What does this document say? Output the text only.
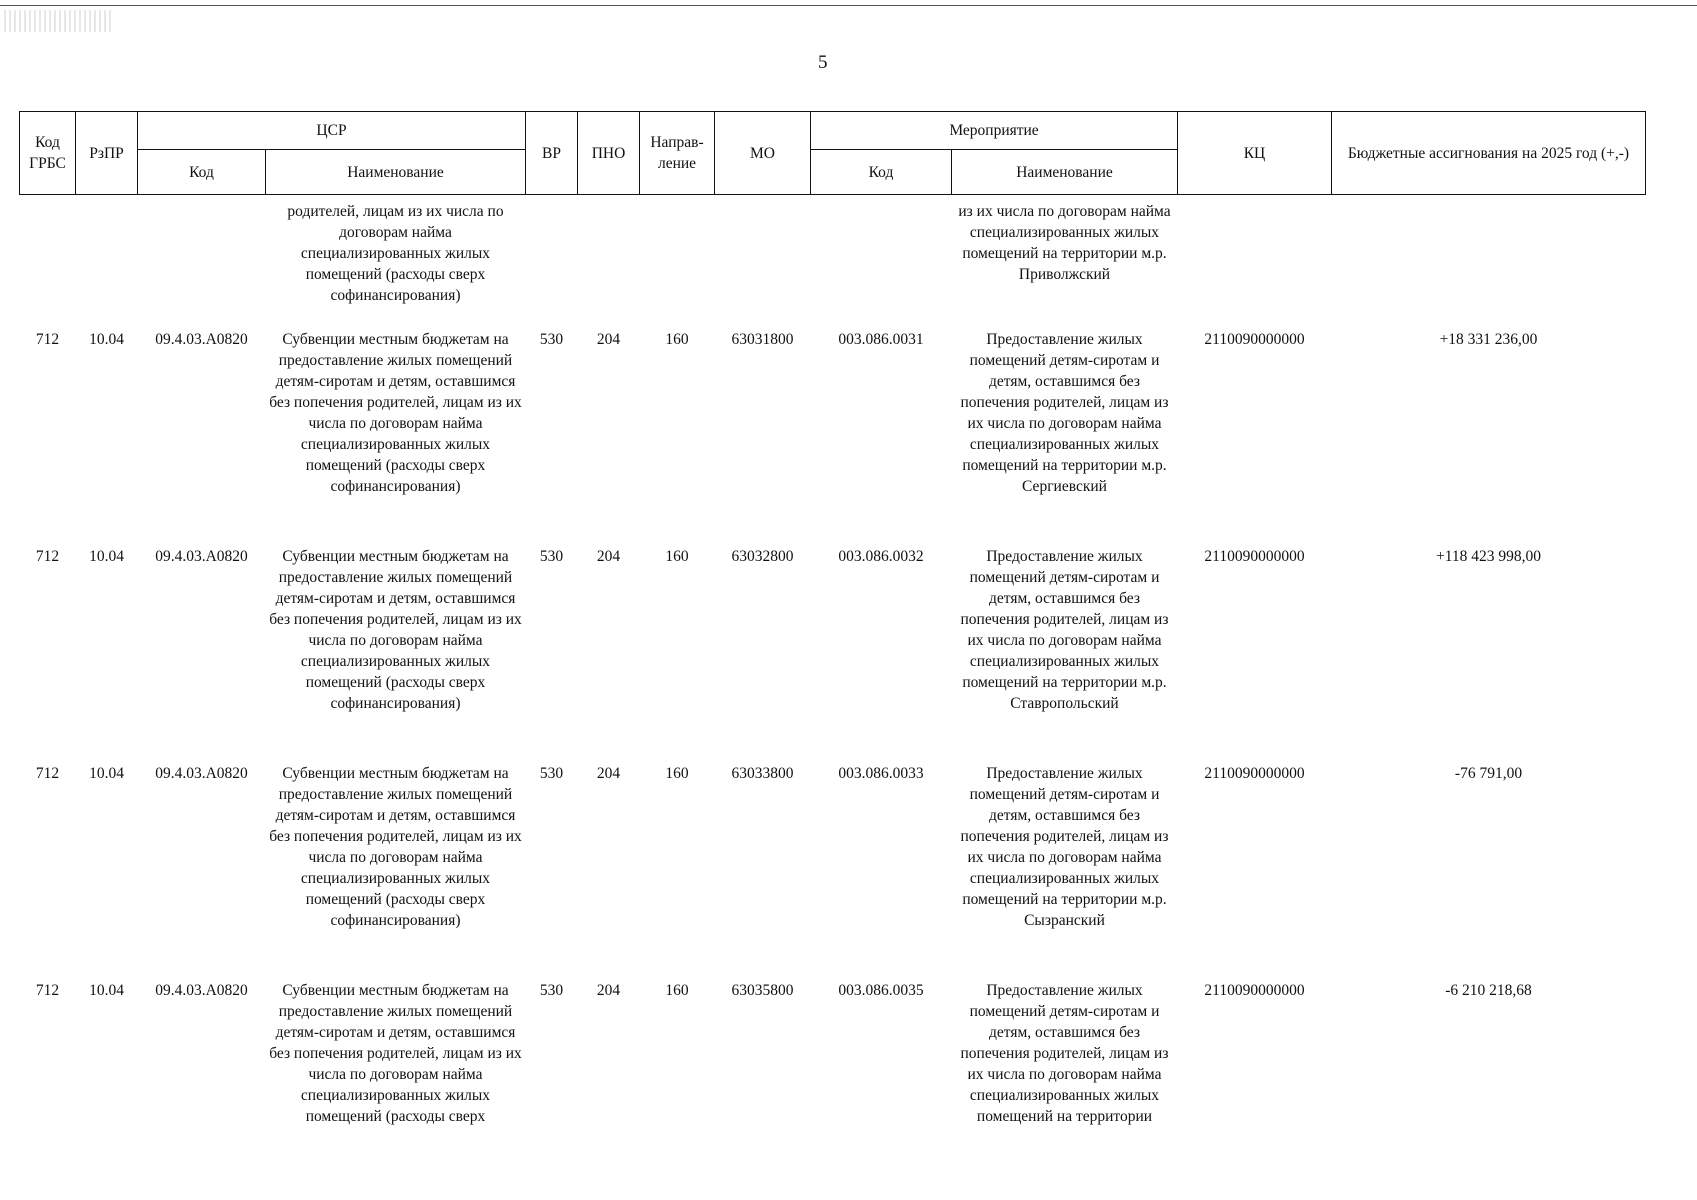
5
Код ГРБС	РзПР	ЦСР		ВР	ПНО	Направ-ление	МО	Мероприятие		КЦ	Бюджетные ассигнования на 2025 год (+,-)
		Код	Наименование					Код	Наименование		
			родителей, лицам из их числа по договорам найма специализированных жилых помещений (расходы сверх софинансирования)						из их числа по договорам найма специализированных жилых помещений на территории м.р. Приволжский		
712	10.04	09.4.03.А0820	Субвенции местным бюджетам на предоставление жилых помещений детям-сиротам и детям, оставшимся без попечения родителей, лицам из их числа по договорам найма специализированных жилых помещений (расходы сверх софинансирования)	530	204	160	63031800	003.086.0031	Предоставление жилых помещений детям-сиротам и детям, оставшимся без попечения родителей, лицам из их числа по договорам найма специализированных жилых помещений на территории м.р. Сергиевский	2110090000000	+18 331 236,00
712	10.04	09.4.03.А0820	Субвенции местным бюджетам на предоставление жилых помещений детям-сиротам и детям, оставшимся без попечения родителей, лицам из их числа по договорам найма специализированных жилых помещений (расходы сверх софинансирования)	530	204	160	63032800	003.086.0032	Предоставление жилых помещений детям-сиротам и детям, оставшимся без попечения родителей, лицам из их числа по договорам найма специализированных жилых помещений на территории м.р. Ставропольский	2110090000000	+118 423 998,00
712	10.04	09.4.03.А0820	Субвенции местным бюджетам на предоставление жилых помещений детям-сиротам и детям, оставшимся без попечения родителей, лицам из их числа по договорам найма специализированных жилых помещений (расходы сверх софинансирования)	530	204	160	63033800	003.086.0033	Предоставление жилых помещений детям-сиротам и детям, оставшимся без попечения родителей, лицам из их числа по договорам найма специализированных жилых помещений на территории м.р. Сызранский	2110090000000	-76 791,00
712	10.04	09.4.03.А0820	Субвенции местным бюджетам на предоставление жилых помещений детям-сиротам и детям, оставшимся без попечения родителей, лицам из их числа по договорам найма специализированных жилых помещений (расходы сверх	530	204	160	63035800	003.086.0035	Предоставление жилых помещений детям-сиротам и детям, оставшимся без попечения родителей, лицам из их числа по договорам найма специализированных жилых помещений на территории	2110090000000	-6 210 218,68
